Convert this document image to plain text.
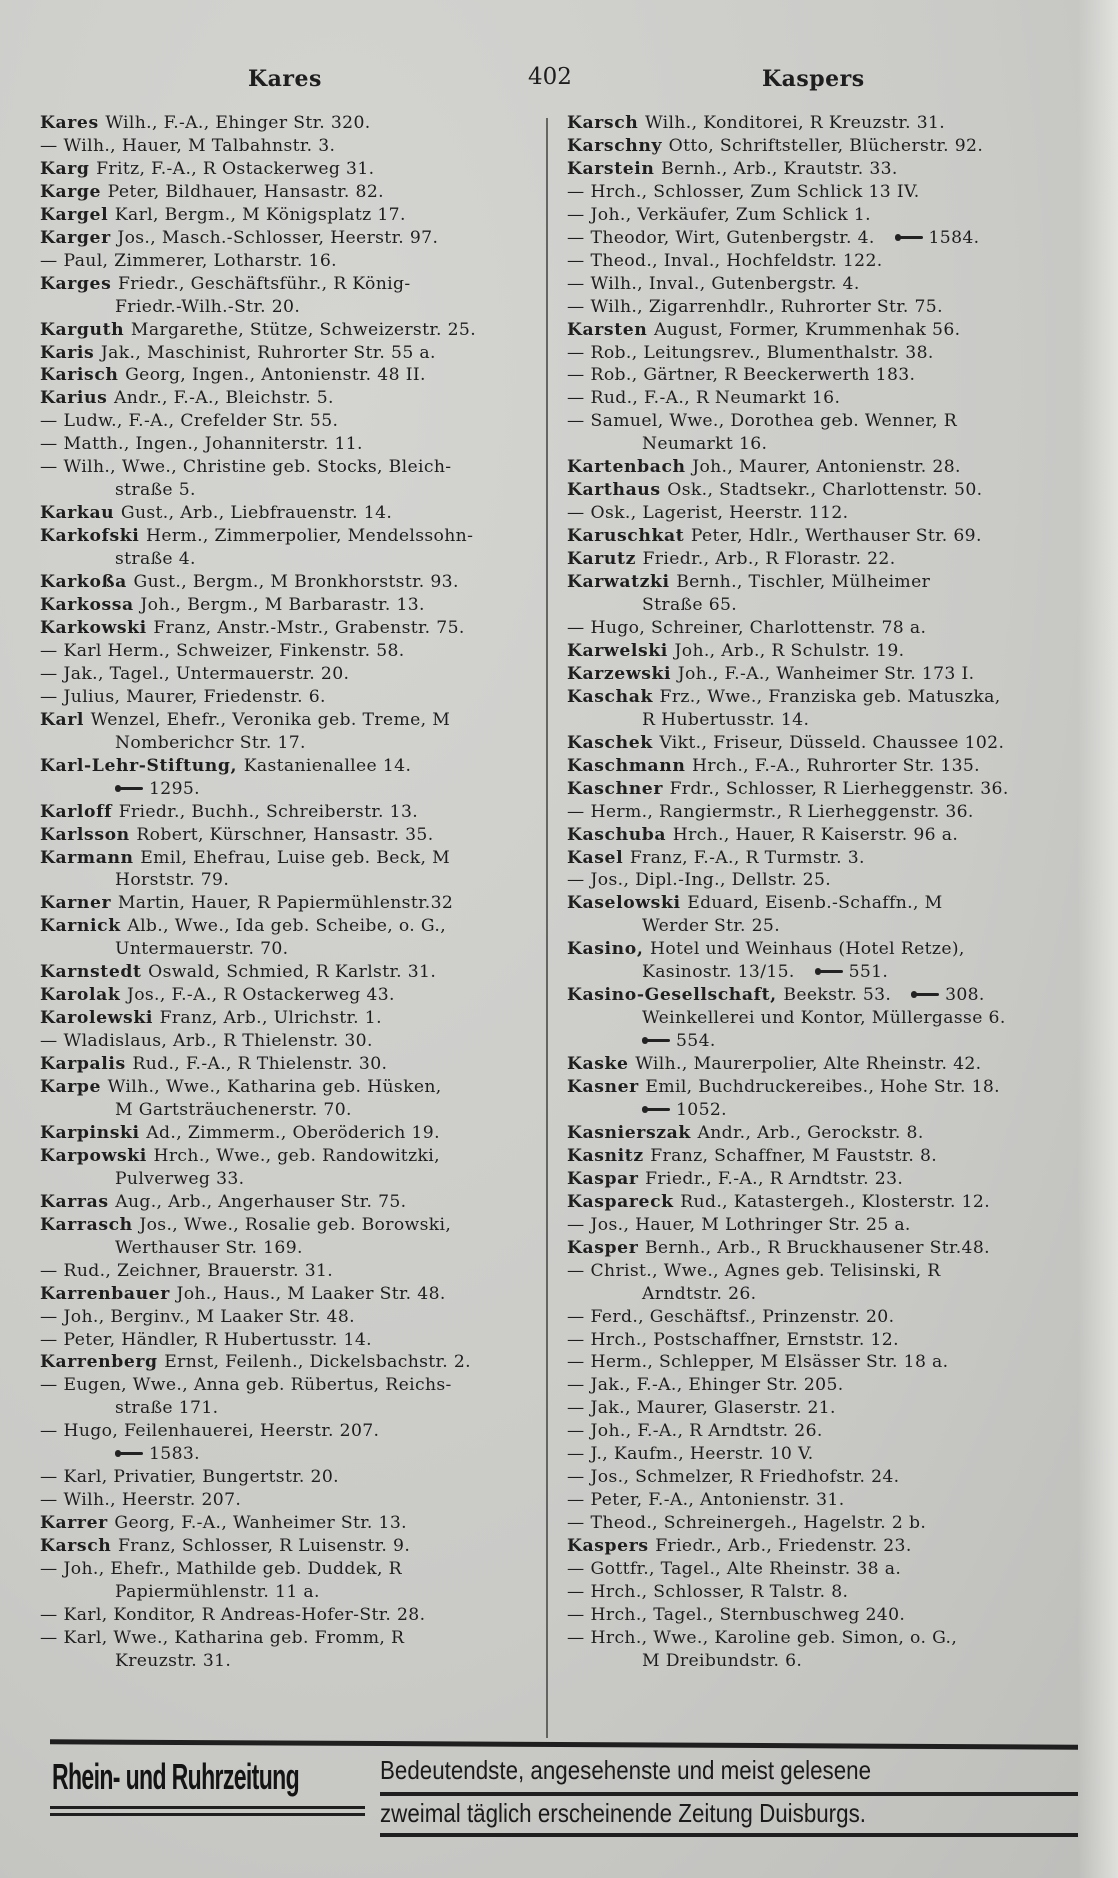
Kares	402	Kaspers
Kares Wilh., F.-A., Ehinger Str. 320.
— Wilh., Hauer, M Talbahnstr. 3.
Karg Fritz, F.-A., R Ostackerweg 31.
Karge Peter, Bildhauer, Hansastr. 82.
Kargel Karl, Bergm., M Königsplatz 17.
Karger Jos., Masch.-Schlosser, Heerstr. 97.
— Paul, Zimmerer, Lotharstr. 16.
Karges Friedr., Geschäftsführ., R König-
Friedr.-Wilh.-Str. 20.
Karguth Margarethe, Stütze, Schweizerstr. 25.
Karis Jak., Maschinist, Ruhrorter Str. 55 a.
Karisch Georg, Ingen., Antonienstr. 48 II.
Karius Andr., F.-A., Bleichstr. 5.
— Ludw., F.-A., Crefelder Str. 55.
— Matth., Ingen., Johanniterstr. 11.
— Wilh., Wwe., Christine geb. Stocks, Bleich-
straße 5.
Karkau Gust., Arb., Liebfrauenstr. 14.
Karkofski Herm., Zimmerpolier, Mendelssohn-
straße 4.
Karkoßa Gust., Bergm., M Bronkhorststr. 93.
Karkossa Joh., Bergm., M Barbarastr. 13.
Karkowski Franz, Anstr.-Mstr., Grabenstr. 75.
— Karl Herm., Schweizer, Finkenstr. 58.
— Jak., Tagel., Untermauerstr. 20.
— Julius, Maurer, Friedenstr. 6.
Karl Wenzel, Ehefr., Veronika geb. Treme, M
Nomberichcr Str. 17.
Karl-Lehr-Stiftung, Kastanienallee 14.
1295.
Karloff Friedr., Buchh., Schreiberstr. 13.
Karlsson Robert, Kürschner, Hansastr. 35.
Karmann Emil, Ehefrau, Luise geb. Beck, M
Horststr. 79.
Karner Martin, Hauer, R Papiermühlenstr.32
Karnick Alb., Wwe., Ida geb. Scheibe, o. G.,
Untermauerstr. 70.
Karnstedt Oswald, Schmied, R Karlstr. 31.
Karolak Jos., F.-A., R Ostackerweg 43.
Karolewski Franz, Arb., Ulrichstr. 1.
— Wladislaus, Arb., R Thielenstr. 30.
Karpalis Rud., F.-A., R Thielenstr. 30.
Karpe Wilh., Wwe., Katharina geb. Hüsken,
M Gartsträuchenerstr. 70.
Karpinski Ad., Zimmerm., Oberöderich 19.
Karpowski Hrch., Wwe., geb. Randowitzki,
Pulverweg 33.
Karras Aug., Arb., Angerhauser Str. 75.
Karrasch Jos., Wwe., Rosalie geb. Borowski,
Werthauser Str. 169.
— Rud., Zeichner, Brauerstr. 31.
Karrenbauer Joh., Haus., M Laaker Str. 48.
— Joh., Berginv., M Laaker Str. 48.
— Peter, Händler, R Hubertusstr. 14.
Karrenberg Ernst, Feilenh., Dickelsbachstr. 2.
— Eugen, Wwe., Anna geb. Rübertus, Reichs-
straße 171.
— Hugo, Feilenhauerei, Heerstr. 207.
1583.
— Karl, Privatier, Bungertstr. 20.
— Wilh., Heerstr. 207.
Karrer Georg, F.-A., Wanheimer Str. 13.
Karsch Franz, Schlosser, R Luisenstr. 9.
— Joh., Ehefr., Mathilde geb. Duddek, R
Papiermühlenstr. 11 a.
— Karl, Konditor, R Andreas-Hofer-Str. 28.
— Karl, Wwe., Katharina geb. Fromm, R
Kreuzstr. 31.
Karsch Wilh., Konditorei, R Kreuzstr. 31.
Karschny Otto, Schriftsteller, Blücherstr. 92.
Karstein Bernh., Arb., Krautstr. 33.
— Hrch., Schlosser, Zum Schlick 13 IV.
— Joh., Verkäufer, Zum Schlick 1.
— Theodor, Wirt, Gutenbergstr. 4.	1584.
— Theod., Inval., Hochfeldstr. 122.
— Wilh., Inval., Gutenbergstr. 4.
— Wilh., Zigarrenhdlr., Ruhrorter Str. 75.
Karsten August, Former, Krummenhak 56.
— Rob., Leitungsrev., Blumenthalstr. 38.
— Rob., Gärtner, R Beeckerwerth 183.
— Rud., F.-A., R Neumarkt 16.
— Samuel, Wwe., Dorothea geb. Wenner, R
Neumarkt 16.
Kartenbach Joh., Maurer, Antonienstr. 28.
Karthaus Osk., Stadtsekr., Charlottenstr. 50.
— Osk., Lagerist, Heerstr. 112.
Karuschkat Peter, Hdlr., Werthauser Str. 69.
Karutz Friedr., Arb., R Florastr. 22.
Karwatzki Bernh., Tischler, Mülheimer
Straße 65.
— Hugo, Schreiner, Charlottenstr. 78 a.
Karwelski Joh., Arb., R Schulstr. 19.
Karzewski Joh., F.-A., Wanheimer Str. 173 I.
Kaschak Frz., Wwe., Franziska geb. Matuszka,
R Hubertusstr. 14.
Kaschek Vikt., Friseur, Düsseld. Chaussee 102.
Kaschmann Hrch., F.-A., Ruhrorter Str. 135.
Kaschner Frdr., Schlosser, R Lierheggenstr. 36.
— Herm., Rangiermstr., R Lierheggenstr. 36.
Kaschuba Hrch., Hauer, R Kaiserstr. 96 a.
Kasel Franz, F.-A., R Turmstr. 3.
— Jos., Dipl.-Ing., Dellstr. 25.
Kaselowski Eduard, Eisenb.-Schaffn., M
Werder Str. 25.
Kasino, Hotel und Weinhaus (Hotel Retze),
Kasinostr. 13/15.	551.
Kasino-Gesellschaft, Beekstr. 53.	308.
Weinkellerei und Kontor, Müllergasse 6.
554.
Kaske Wilh., Maurerpolier, Alte Rheinstr. 42.
Kasner Emil, Buchdruckereibes., Hohe Str. 18.
1052.
Kasnierszak Andr., Arb., Gerockstr. 8.
Kasnitz Franz, Schaffner, M Fauststr. 8.
Kaspar Friedr., F.-A., R Arndtstr. 23.
Kaspareck Rud., Katastergeh., Klosterstr. 12.
— Jos., Hauer, M Lothringer Str. 25 a.
Kasper Bernh., Arb., R Bruckhausener Str.48.
— Christ., Wwe., Agnes geb. Telisinski, R
Arndtstr. 26.
— Ferd., Geschäftsf., Prinzenstr. 20.
— Hrch., Postschaffner, Ernststr. 12.
— Herm., Schlepper, M Elsässer Str. 18 a.
— Jak., F.-A., Ehinger Str. 205.
— Jak., Maurer, Glaserstr. 21.
— Joh., F.-A., R Arndtstr. 26.
— J., Kaufm., Heerstr. 10 V.
— Jos., Schmelzer, R Friedhofstr. 24.
— Peter, F.-A., Antonienstr. 31.
— Theod., Schreinergeh., Hagelstr. 2 b.
Kaspers Friedr., Arb., Friedenstr. 23.
— Gottfr., Tagel., Alte Rheinstr. 38 a.
— Hrch., Schlosser, R Talstr. 8.
— Hrch., Tagel., Sternbuschweg 240.
— Hrch., Wwe., Karoline geb. Simon, o. G.,
M Dreibundstr. 6.
Rhein- und Ruhrzeitung	Bedeutendste, angesehenste und meist gelesene
zweimal täglich erscheinende Zeitung Duisburgs.
